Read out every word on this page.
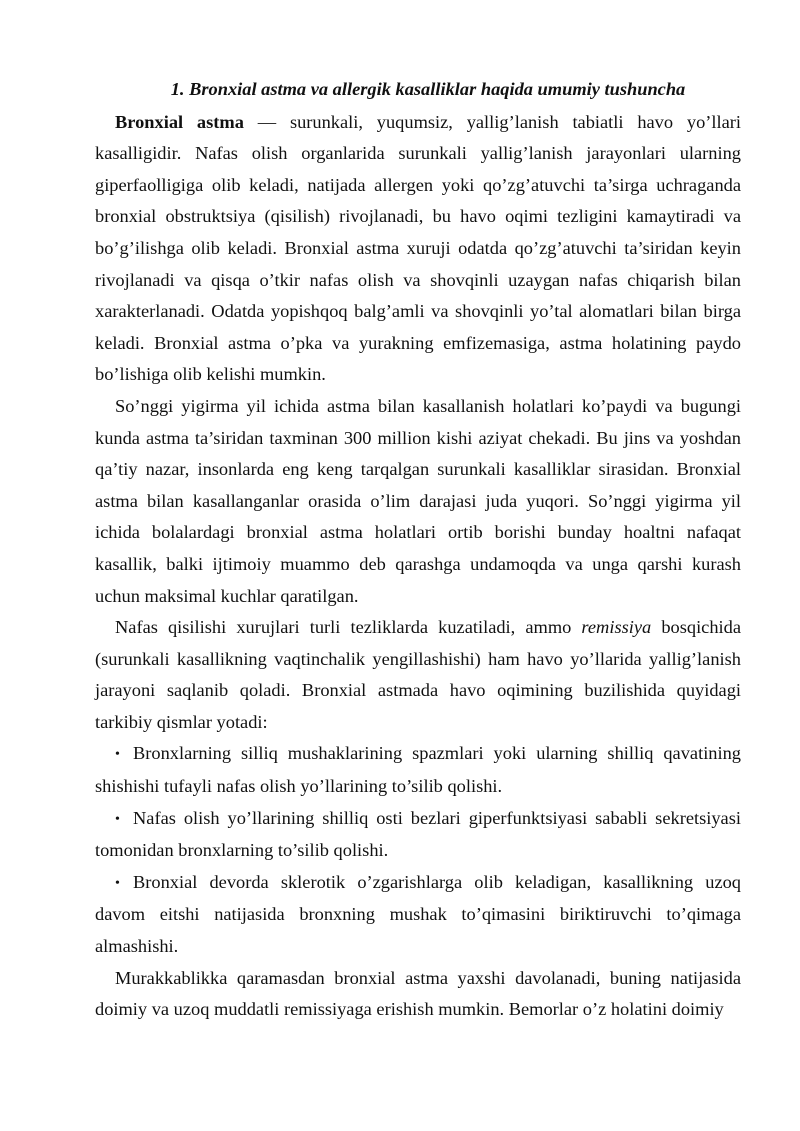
1. Bronxial astma va allergik kasalliklar haqida umumiy tushuncha

Bronxial astma — surunkali, yuqumsiz, yallig’lanish tabiatli havo yo’llari kasalligidir. Nafas olish organlarida surunkali yallig’lanish jarayonlari ularning giperfaolligiga olib keladi, natijada allergen yoki qo’zg’atuvchi ta’sirga uchraganda bronxial obstruktsiya (qisilish) rivojlanadi, bu havo oqimi tezligini kamaytiradi va bo’g’ilishga olib keladi. Bronxial astma xuruji odatda qo’zg’atuvchi ta’siridan keyin rivojlanadi va qisqa o’tkir nafas olish va shovqinli uzaygan nafas chiqarish bilan xarakterlanadi. Odatda yopishqoq balg’amli va shovqinli yo’tal alomatlari bilan birga keladi. Bronxial astma o’pka va yurakning emfizemasiga, astma holatining paydo bo’lishiga olib kelishi mumkin.

So’nggi yigirma yil ichida astma bilan kasallanish holatlari ko’paydi va bugungi kunda astma ta’siridan taxminan 300 million kishi aziyat chekadi. Bu jins va yoshdan qa’tiy nazar, insonlarda eng keng tarqalgan surunkali kasalliklar sirasidan. Bronxial astma bilan kasallanganlar orasida o’lim darajasi juda yuqori. So’nggi yigirma yil ichida bolalardagi bronxial astma holatlari ortib borishi bunday hoaltni nafaqat kasallik, balki ijtimoiy muammo deb qarashga undamoqda va unga qarshi kurash uchun maksimal kuchlar qaratilgan.

Nafas qisilishi xurujlari turli tezliklarda kuzatiladi, ammo remissiya bosqichida (surunkali kasallikning vaqtinchalik yengillashishi) ham havo yo’llarida yallig’lanish jarayoni saqlanib qoladi. Bronxial astmada havo oqimining buzilishida quyidagi tarkibiy qismlar yotadi:

• Bronxlarning silliq mushaklarining spazmlari yoki ularning shilliq qavatining shishishi tufayli nafas olish yo’llarining to’silib qolishi.

• Nafas olish yo’llarining shilliq osti bezlari giperfunktsiyasi sababli sekretsiyasi tomonidan bronxlarning to’silib qolishi.

• Bronxial devorda sklerotik o’zgarishlarga olib keladigan, kasallikning uzoq davom eitshi natijasida bronxning mushak to’qimasini biriktiruvchi to’qimaga almashishi.

Murakkablikka qaramasdan bronxial astma yaxshi davolanadi, buning natijasida doimiy va uzoq muddatli remissiyaga erishish mumkin. Bemorlar o’z holatini doimiy
